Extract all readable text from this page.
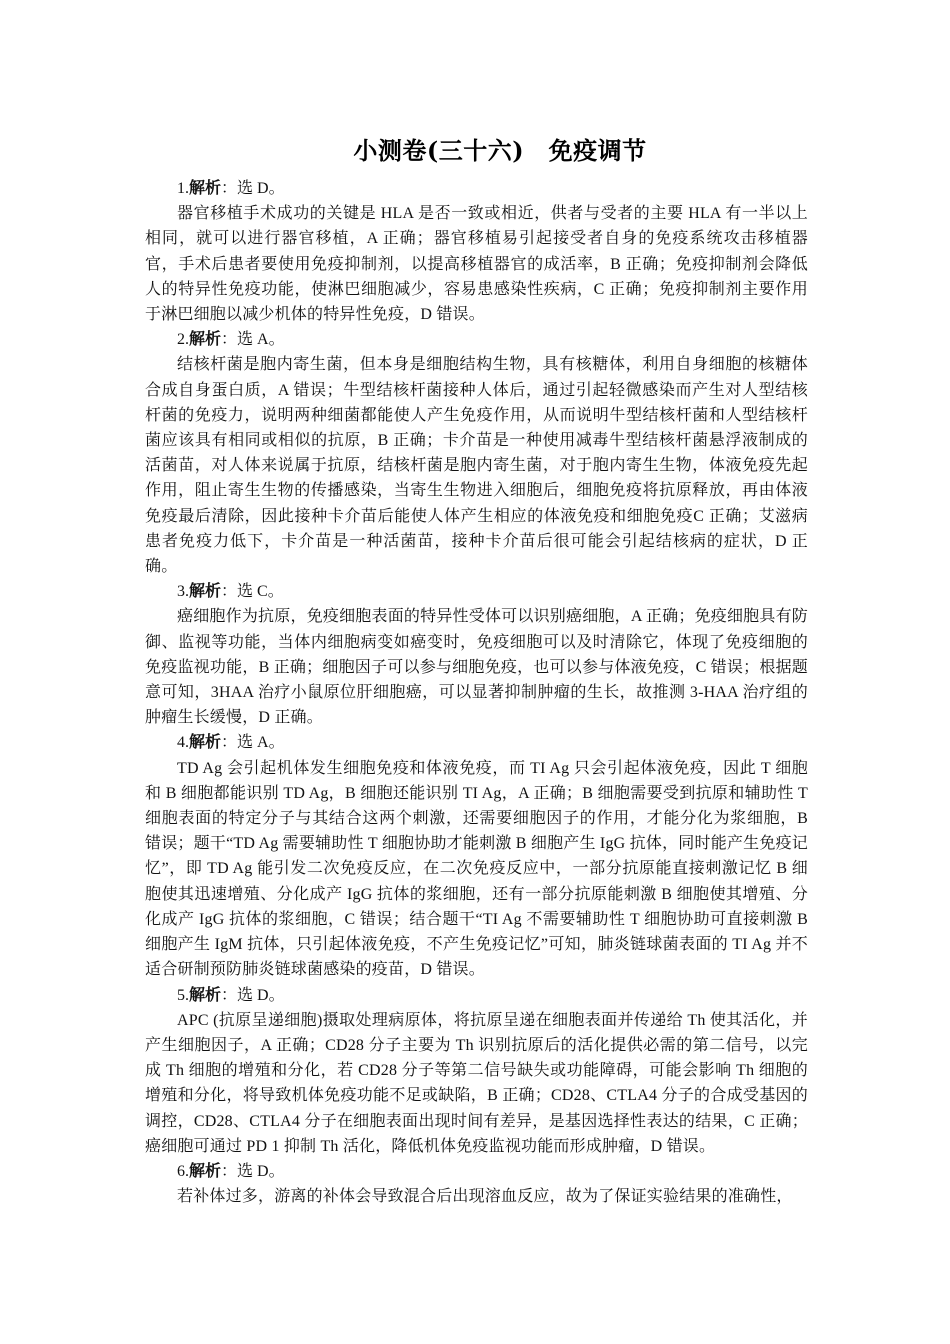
小测卷(三十六)　免疫调节

1.解析：选 D。

器官移植手术成功的关键是 HLA 是否一致或相近，供者与受者的主要 HLA 有一半以上相同，就可以进行器官移植，A 正确；器官移植易引起接受者自身的免疫系统攻击移植器官，手术后患者要使用免疫抑制剂，以提高移植器官的成活率，B 正确；免疫抑制剂会降低人的特异性免疫功能，使淋巴细胞减少，容易患感染性疾病，C 正确；免疫抑制剂主要作用于淋巴细胞以减少机体的特异性免疫，D 错误。

2.解析：选 A。

结核杆菌是胞内寄生菌，但本身是细胞结构生物，具有核糖体，利用自身细胞的核糖体合成自身蛋白质，A 错误；牛型结核杆菌接种人体后，通过引起轻微感染而产生对人型结核杆菌的免疫力，说明两种细菌都能使人产生免疫作用，从而说明牛型结核杆菌和人型结核杆菌应该具有相同或相似的抗原，B 正确；卡介苗是一种使用减毒牛型结核杆菌悬浮液制成的活菌苗，对人体来说属于抗原，结核杆菌是胞内寄生菌，对于胞内寄生生物，体液免疫先起作用，阻止寄生生物的传播感染，当寄生生物进入细胞后，细胞免疫将抗原释放，再由体液免疫最后清除，因此接种卡介苗后能使人体产生相应的体液免疫和细胞免疫C 正确；艾滋病患者免疫力低下，卡介苗是一种活菌苗，接种卡介苗后很可能会引起结核病的症状，D 正确。

3.解析：选 C。

癌细胞作为抗原，免疫细胞表面的特异性受体可以识别癌细胞，A 正确；免疫细胞具有防御、监视等功能，当体内细胞病变如癌变时，免疫细胞可以及时清除它，体现了免疫细胞的免疫监视功能，B 正确；细胞因子可以参与细胞免疫，也可以参与体液免疫，C 错误；根据题意可知，3HAA 治疗小鼠原位肝细胞癌，可以显著抑制肿瘤的生长，故推测 3-HAA 治疗组的肿瘤生长缓慢，D 正确。

4.解析：选 A。

TD Ag 会引起机体发生细胞免疫和体液免疫，而 TI Ag 只会引起体液免疫，因此 T 细胞和 B 细胞都能识别 TD Ag，B 细胞还能识别 TI Ag，A 正确；B 细胞需要受到抗原和辅助性 T 细胞表面的特定分子与其结合这两个刺激，还需要细胞因子的作用，才能分化为浆细胞，B 错误；题干“TD Ag 需要辅助性 T 细胞协助才能刺激 B 细胞产生 IgG 抗体，同时能产生免疫记忆”，即 TD Ag 能引发二次免疫反应，在二次免疫反应中，一部分抗原能直接刺激记忆 B 细胞使其迅速增殖、分化成产 IgG 抗体的浆细胞，还有一部分抗原能刺激 B 细胞使其增殖、分化成产 IgG 抗体的浆细胞，C 错误；结合题干“TI Ag 不需要辅助性 T 细胞协助可直接刺激 B 细胞产生 IgM 抗体，只引起体液免疫，不产生免疫记忆”可知，肺炎链球菌表面的 TI Ag 并不适合研制预防肺炎链球菌感染的疫苗，D 错误。

5.解析：选 D。

APC (抗原呈递细胞)摄取处理病原体，将抗原呈递在细胞表面并传递给 Th 使其活化，并产生细胞因子，A 正确；CD28 分子主要为 Th 识别抗原后的活化提供必需的第二信号，以完成 Th 细胞的增殖和分化，若 CD28 分子等第二信号缺失或功能障碍，可能会影响 Th 细胞的增殖和分化，将导致机体免疫功能不足或缺陷，B 正确；CD28、CTLA4 分子的合成受基因的调控，CD28、CTLA4 分子在细胞表面出现时间有差异，是基因选择性表达的结果，C 正确；癌细胞可通过 PD 1 抑制 Th 活化，降低机体免疫监视功能而形成肿瘤，D 错误。

6.解析：选 D。

若补体过多，游离的补体会导致混合后出现溶血反应，故为了保证实验结果的准确性，
